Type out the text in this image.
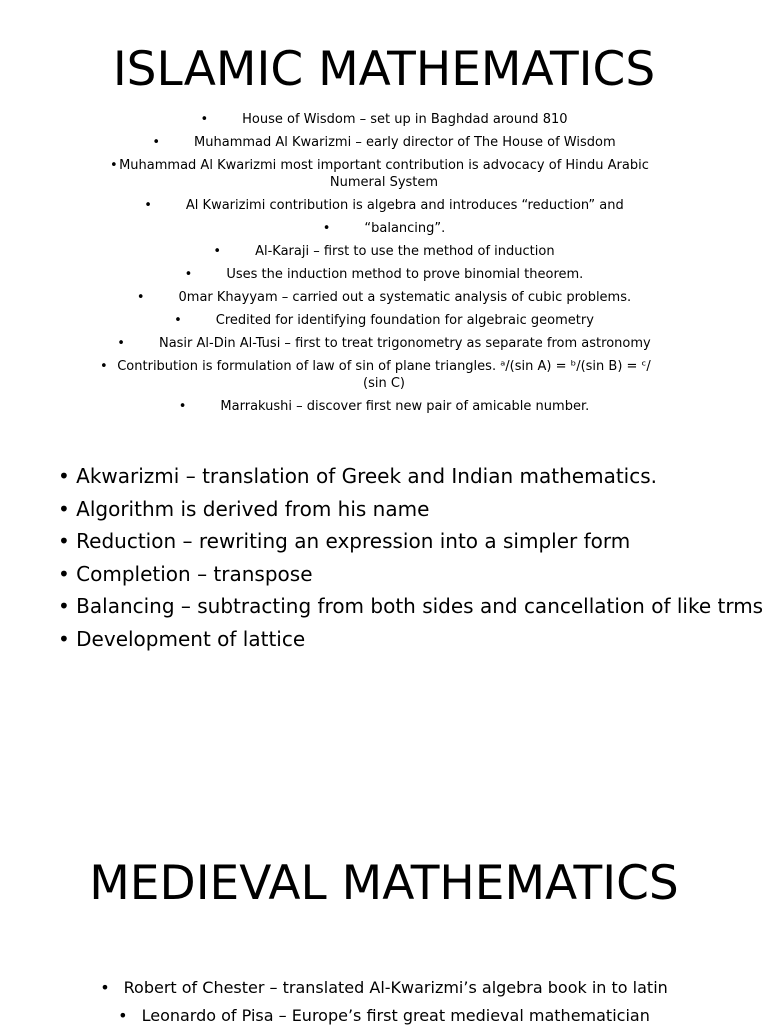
ISLAMIC MATHEMATICS
•	House of Wisdom – set up in Baghdad around 810
•	Muhammad Al Kwarizmi – early director of The House of Wisdom
• Muhammad Al Kwarizmi most important contribution is advocacy of Hindu Arabic Numeral System
•	Al Kwarizimi contribution is algebra and introduces “reduction” and
•	“balancing”.
•	Al-Karaji – first to use the method of induction
•	Uses the induction method to prove binomial theorem.
•	0mar Khayyam – carried out a systematic analysis of cubic problems.
•	Credited for identifying foundation for algebraic geometry
•	Nasir Al-Din Al-Tusi – first to treat trigonometry as separate from astronomy
• Contribution is formulation of law of sin of plane triangles. ᵃ/(sin A) = ᵇ/(sin B) = ᶜ/ (sin C)
•	Marrakushi – discover first new pair of amicable number.
• Akwarizmi – translation of Greek and Indian mathematics.
• Algorithm is derived from his name
• Reduction – rewriting an expression into a simpler form
• Completion – transpose
• Balancing – subtracting from both sides and cancellation of like trms
• Development of lattice
MEDIEVAL MATHEMATICS
• Robert of Chester – translated Al-Kwarizmi’s algebra book in to latin
• Leonardo of Pisa – Europe’s first great medieval mathematician
